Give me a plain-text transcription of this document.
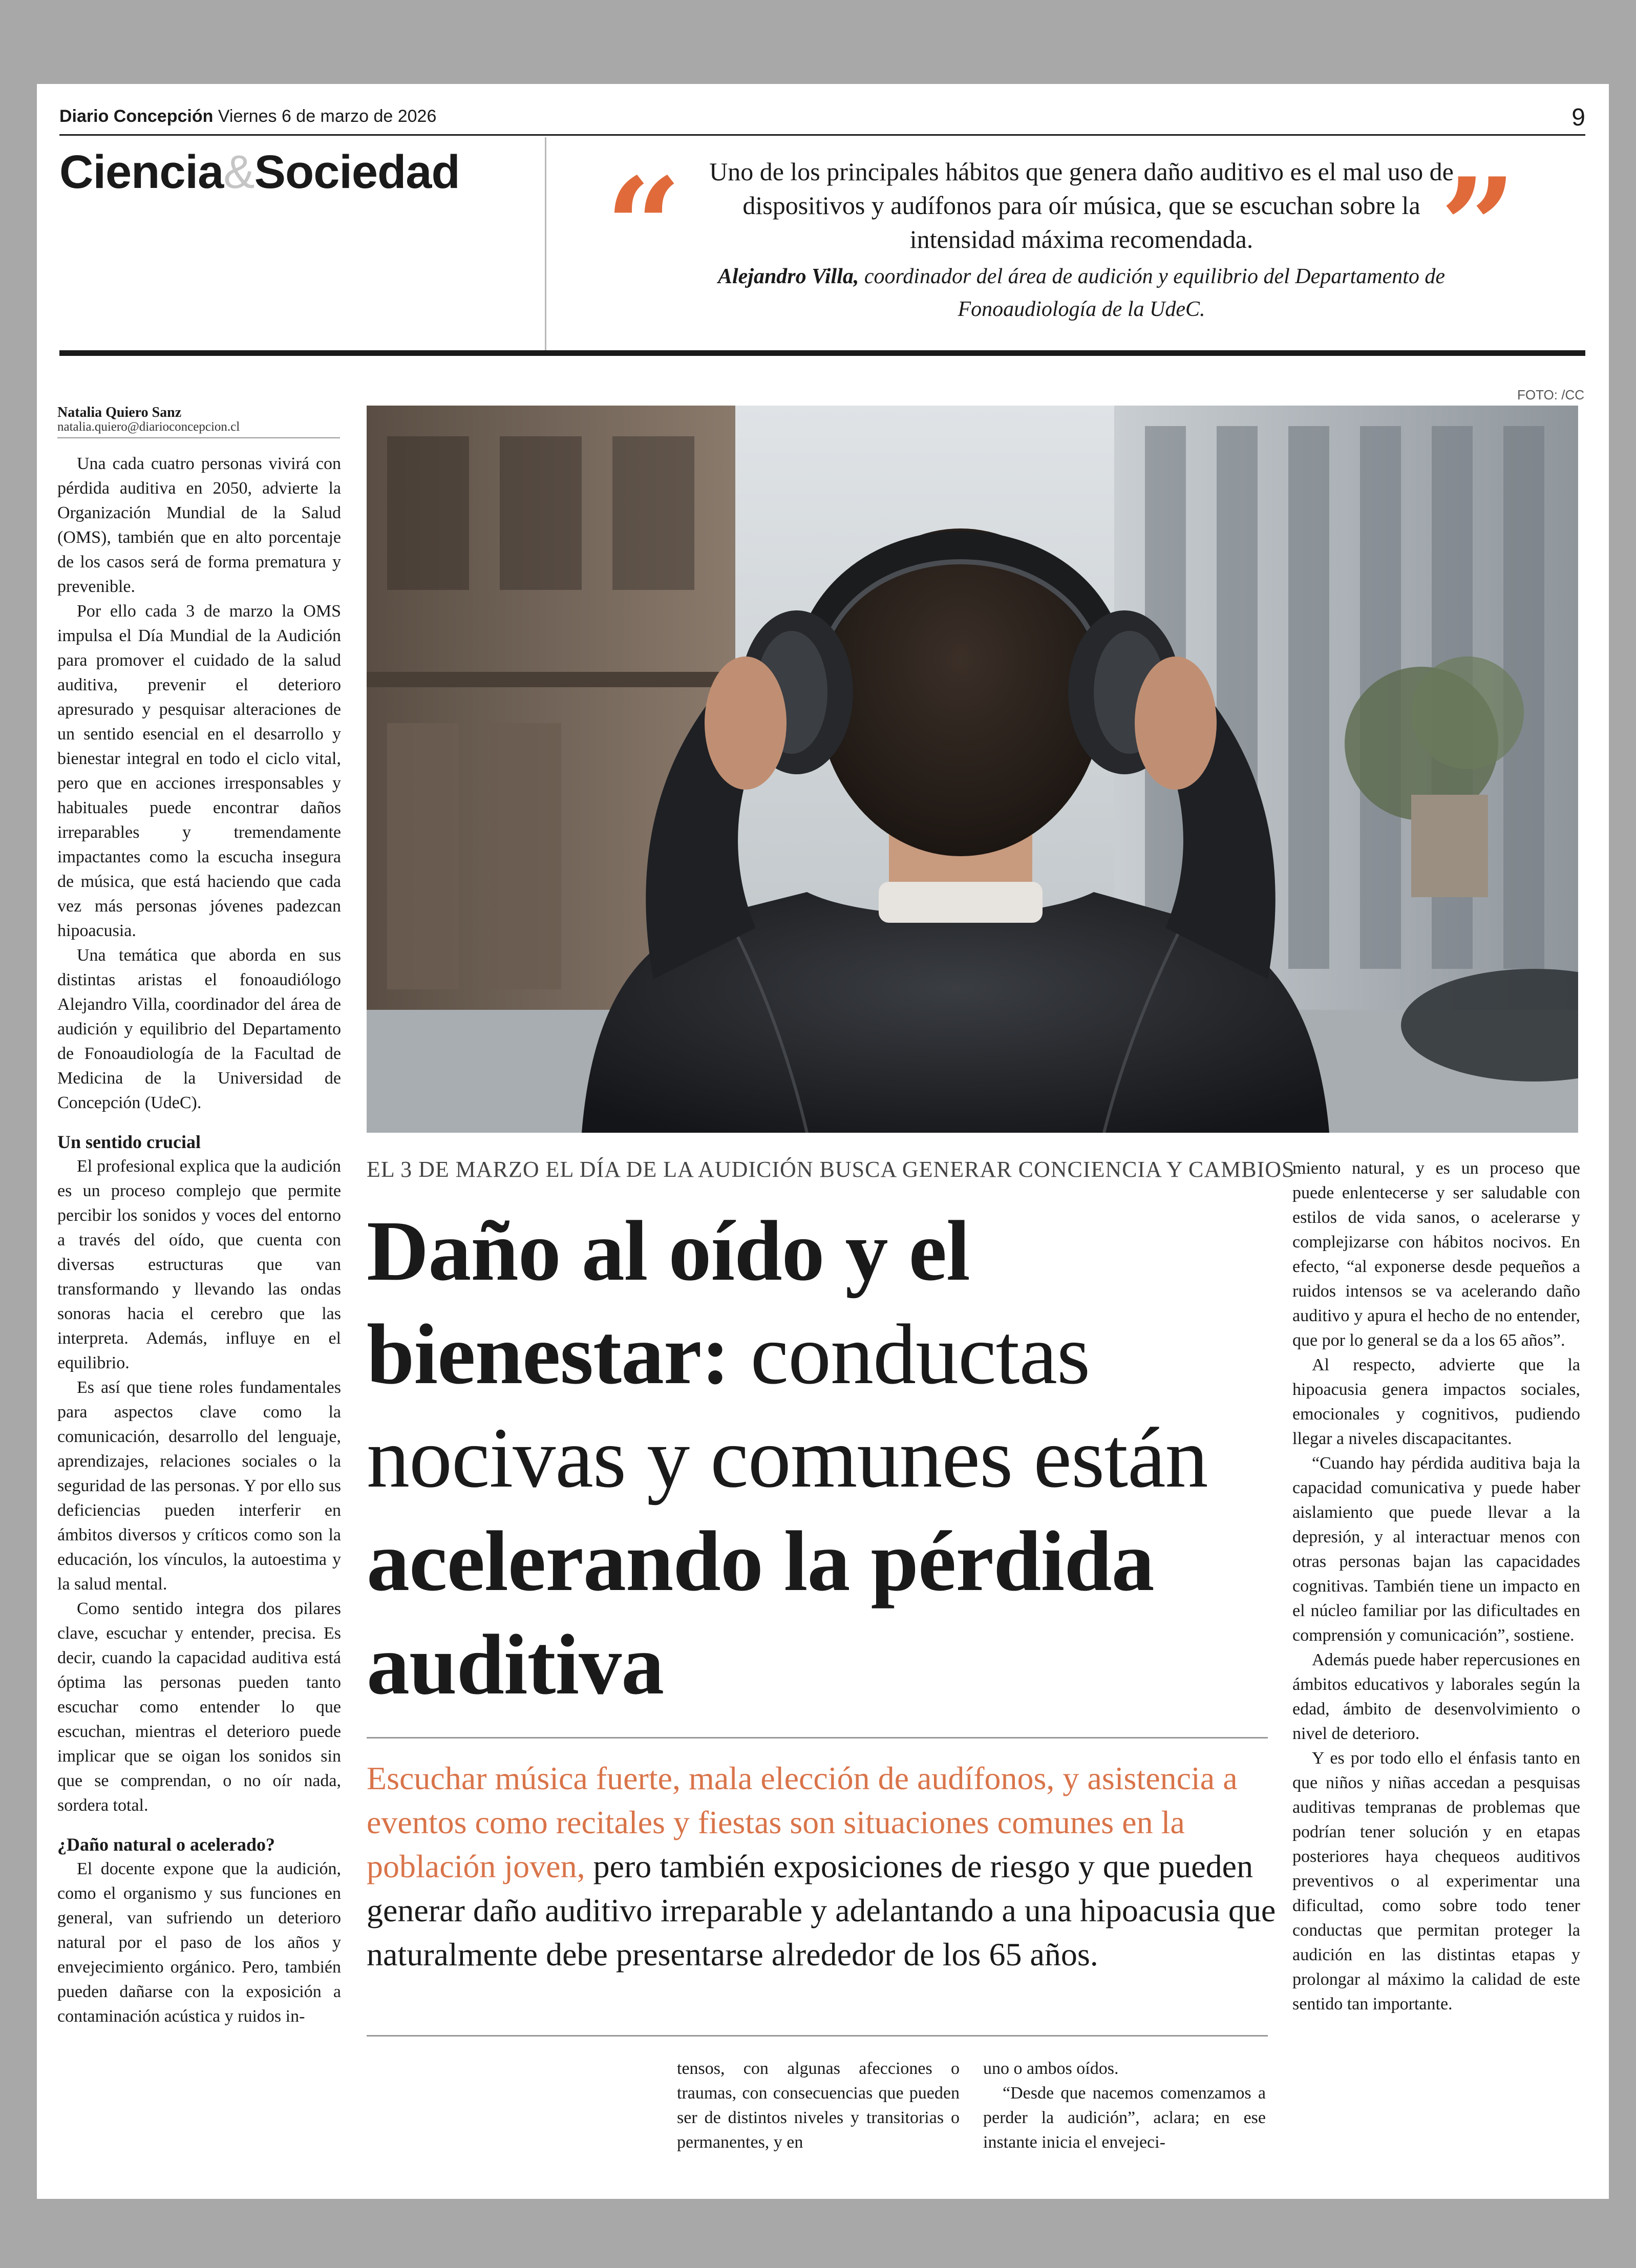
Diario Concepción Viernes 6 de marzo de 2026	9
Ciencia&Sociedad “	”
Uno de los principales hábitos que genera daño auditivo es el mal uso de dispositivos y audífonos para oír música, que se escuchan sobre la intensidad máxima recomendada.
Alejandro Villa, coordinador del área de audición y equilibrio del Departamento de Fonoaudiología de la UdeC.
Natalia Quiero Sanz
natalia.quiero@diarioconcepcion.cl

Una cada cuatro personas vivirá con pérdida auditiva en 2050, advierte la Organización Mundial de la Salud (OMS), también que en alto porcentaje de los casos será de forma prematura y prevenible.

Por ello cada 3 de marzo la OMS impulsa el Día Mundial de la Audición para promover el cuidado de la salud auditiva, prevenir el deterioro apresurado y pesquisar alteraciones de un sentido esencial en el desarrollo y bienestar integral en todo el ciclo vital, pero que en acciones irresponsables y habituales puede encontrar daños irreparables y tremendamente impactantes como la escucha insegura de música, que está haciendo que cada vez más personas jóvenes padezcan hipoacusia.

Una temática que aborda en sus distintas aristas el fonoaudiólogo Alejandro Villa, coordinador del área de audición y equilibrio del Departamento de Fonoaudiología de la Facultad de Medicina de la Universidad de Concepción (UdeC).

Un sentido crucial

El profesional explica que la audición es un proceso complejo que permite percibir los sonidos y voces del entorno a través del oído, que cuenta con diversas estructuras que van transformando y llevando las ondas sonoras hacia el cerebro que las interpreta. Además, influye en el equilibrio.

Es así que tiene roles fundamentales para aspectos clave como la comunicación, desarrollo del lenguaje, aprendizajes, relaciones sociales o la seguridad de las personas. Y por ello sus deficiencias pueden interferir en ámbitos diversos y críticos como son la educación, los vínculos, la autoestima y la salud mental.

Como sentido integra dos pilares clave, escuchar y entender, precisa. Es decir, cuando la capacidad auditiva está óptima las personas pueden tanto escuchar como entender lo que escuchan, mientras el deterioro puede implicar que se oigan los sonidos sin que se comprendan, o no oír nada, sordera total.

¿Daño natural o acelerado?

El docente expone que la audición, como el organismo y sus funciones en general, van sufriendo un deterioro natural por el paso de los años y envejecimiento orgánico. Pero, también pueden dañarse con la exposición a contaminación acústica y ruidos in-

FOTO: /CC
EL 3 DE MARZO EL DÍA DE LA AUDICIÓN BUSCA GENERAR CONCIENCIA Y CAMBIOS
Daño al oído y el bienestar: conductas nocivas y comunes están acelerando la pérdida auditiva
Escuchar música fuerte, mala elección de audífonos, y asistencia a eventos como recitales y fiestas son situaciones comunes en la población joven, pero también exposiciones de riesgo y que pueden generar daño auditivo irreparable y adelantando a una hipoacusia que naturalmente debe presentarse alrededor de los 65 años.

tensos, con algunas afecciones o traumas, con consecuencias que pueden ser de distintos niveles y transitorias o permanentes, y en

uno o ambos oídos.

“Desde que nacemos comenzamos a perder la audición”, aclara; en ese instante inicia el envejeci-

miento natural, y es un proceso que puede enlentecerse y ser saludable con estilos de vida sanos, o acelerarse y complejizarse con hábitos nocivos. En efecto, “al exponerse desde pequeños a ruidos intensos se va acelerando daño auditivo y apura el hecho de no entender, que por lo general se da a los 65 años”.

Al respecto, advierte que la hipoacusia genera impactos sociales, emocionales y cognitivos, pudiendo llegar a niveles discapacitantes.

“Cuando hay pérdida auditiva baja la capacidad comunicativa y puede haber aislamiento que puede llevar a la depresión, y al interactuar menos con otras personas bajan las capacidades cognitivas. También tiene un impacto en el núcleo familiar por las dificultades en comprensión y comunicación”, sostiene.

Además puede haber repercusiones en ámbitos educativos y laborales según la edad, ámbito de desenvolvimiento o nivel de deterioro.

Y es por todo ello el énfasis tanto en que niños y niñas accedan a pesquisas auditivas tempranas de problemas que podrían tener solución y en etapas posteriores haya chequeos auditivos preventivos o al experimentar una dificultad, como sobre todo tener conductas que permitan proteger la audición en las distintas etapas y prolongar al máximo la calidad de este sentido tan importante.
